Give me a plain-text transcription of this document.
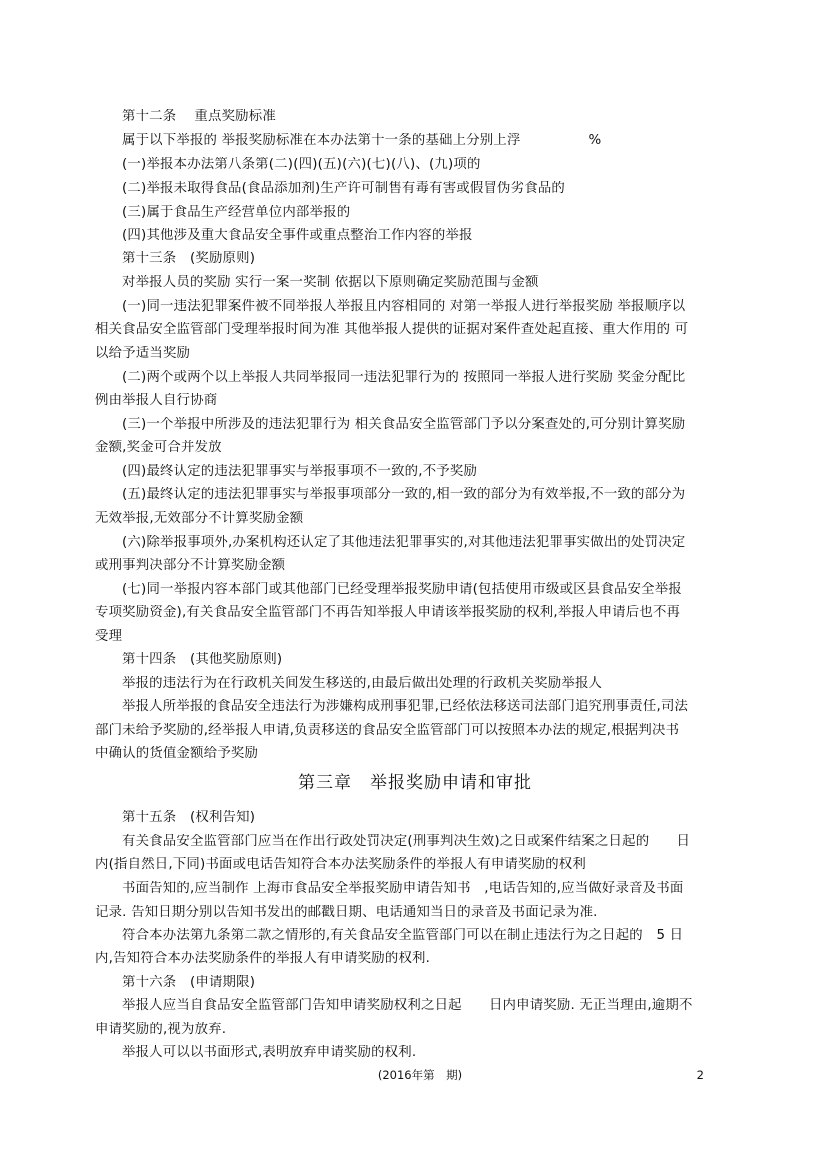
第十二条　 重点奖励标准
属于以下举报的 举报奖励标准在本办法第十一条的基础上分别上浮　　　　　%
(一)举报本办法第八条第(二)(四)(五)(六)(七)(八)、(九)项的
(二)举报未取得食品(食品添加剂)生产许可制售有毒有害或假冒伪劣食品的
(三)属于食品生产经营单位内部举报的
(四)其他涉及重大食品安全事件或重点整治工作内容的举报
第十三条　(奖励原则)
对举报人员的奖励 实行一案一奖制 依据以下原则确定奖励范围与金额
(一)同一违法犯罪案件被不同举报人举报且内容相同的 对第一举报人进行举报奖励 举报顺序以
相关食品安全监管部门受理举报时间为准 其他举报人提供的证据对案件查处起直接、重大作用的 可
以给予适当奖励
(二)两个或两个以上举报人共同举报同一违法犯罪行为的 按照同一举报人进行奖励 奖金分配比
例由举报人自行协商
(三)一个举报中所涉及的违法犯罪行为 相关食品安全监管部门予以分案查处的,可分别计算奖励
金额,奖金可合并发放
(四)最终认定的违法犯罪事实与举报事项不一致的,不予奖励
(五)最终认定的违法犯罪事实与举报事项部分一致的,相一致的部分为有效举报,不一致的部分为
无效举报,无效部分不计算奖励金额
(六)除举报事项外,办案机构还认定了其他违法犯罪事实的,对其他违法犯罪事实做出的处罚决定
或刑事判决部分不计算奖励金额
(七)同一举报内容本部门或其他部门已经受理举报奖励申请(包括使用市级或区县食品安全举报
专项奖励资金),有关食品安全监管部门不再告知举报人申请该举报奖励的权利,举报人申请后也不再
受理
第十四条　(其他奖励原则)
举报的违法行为在行政机关间发生移送的,由最后做出处理的行政机关奖励举报人
举报人所举报的食品安全违法行为涉嫌构成刑事犯罪,已经依法移送司法部门追究刑事责任,司法
部门未给予奖励的,经举报人申请,负责移送的食品安全监管部门可以按照本办法的规定,根据判决书
中确认的货值金额给予奖励
第三章　举报奖励申请和审批
第十五条　(权利告知)
有关食品安全监管部门应当在作出行政处罚决定(刑事判决生效)之日或案件结案之日起的　　日
内(指自然日,下同)书面或电话告知符合本办法奖励条件的举报人有申请奖励的权利
书面告知的,应当制作 上海市食品安全举报奖励申请告知书　,电话告知的,应当做好录音及书面
记录. 告知日期分别以告知书发出的邮戳日期、电话通知当日的录音及书面记录为准.
符合本办法第九条第二款之情形的,有关食品安全监管部门可以在制止违法行为之日起的　5 日
内,告知符合本办法奖励条件的举报人有申请奖励的权利.
第十六条　(申请期限)
举报人应当自食品安全监管部门告知申请奖励权利之日起　　日内申请奖励. 无正当理由,逾期不
申请奖励的,视为放弃.
举报人可以以书面形式,表明放弃申请奖励的权利.
(2016年第　期)	2
